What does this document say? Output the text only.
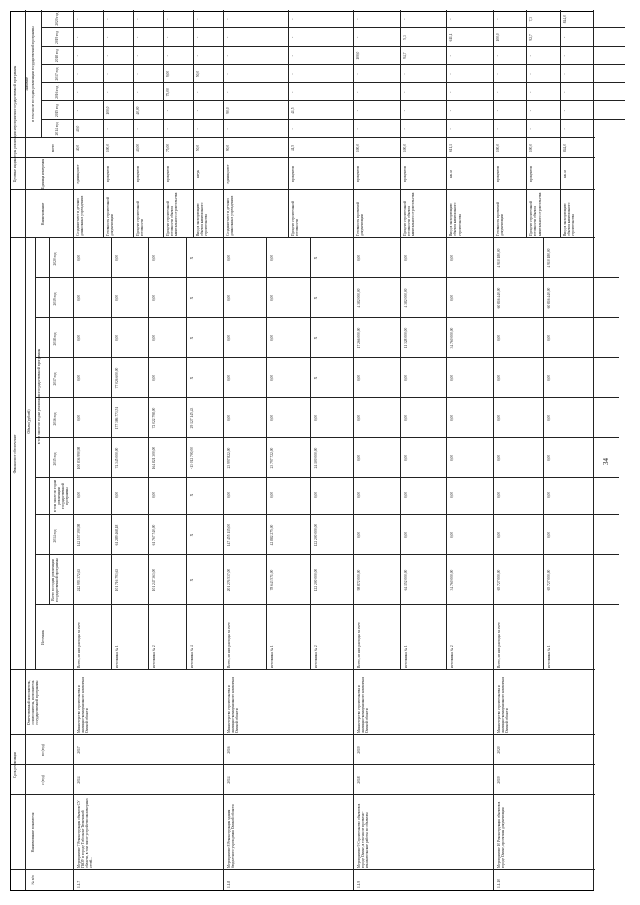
34
№ п/п
Наименование показателя
Срок реализации
с (год)
по (год)
Ответственный исполнитель, соисполнитель, исполнитель государственной программы
Финансовое обеспечение
Источник
Объем (рублей)
Всего по годам реализации государственной программы
в том числе по годам реализации государственной программы
2014 год
в том числе по годам реализации государственной программы
2015 год
2016 год
2017 год
2018 год
2019 год
2020 год
Целевые индикаторы реализации мероприятия государственной программы
Наименование
Единица измерения
Значение
всего
в том числе по годам реализации государственной программы
2014 год
2015 год
2016 год
2017 год
2018 год
2019 год
2020 год
1.1.7
Мероприятие 7 Реконструкция объектов СУ ГКОУ в городе Тобольске Тюменской области, в том числе устройство инженерных сетей...
2014
2017
Министерство строительства и жилищно-коммунального комплекса Омской области
Всего, из них расходы за счет:
242 993 372,63
142 157 390,98
0,00
100 836 990,98
0,00
0,00
0,00
0,00
0,00
источника № 1
101 716 793,63
61 289 468,18
0,00
74 345 000,00
177 386 773,51
77 026 600,00
0,00
0,00
0,00
источника № 2
101 247 363,00
61 767 740,00
0,00
164 821 300,00
72 022 798,00
0,00
0,00
0,00
0,00
источника № 4
X
X
X
-13 012 700,00
29 127 145,43
X
X
X
X
Создание мест в детских дошкольных учреждениях
единиц мест
40,0
40,0
-
-
-
-
-
-
Готовность строительной документации
процентов
100,0
-
100,0
-
-
-
-
-
Процент строительной готовности
процентов
40,00
-
40,00
-
-
-
-
-
Процент строительной готовности объекта капитального строительства
процентов
75,00
-
-
75,00
9,00
-
-
-
Ввод в эксплуатацию объекта капитального строительства
штук
50,0
-
-
-
50,0
-
-
-
1.1.8
Мероприятие 8 Реконструкция здания бюджетного учреждения Омской области
2014
2016
Министерство строительства и жилищно-коммунального комплекса Омской области
Всего, из них расходы за счет:
201 276 537,00
147 455 115,00
0,00
23 997 822,00
0,00
0,00
0,00
0,00
0,00
источника № 1
78 643 571,00
42 882 275,00
0,00
23 797 722,00
0,00
0,00
0,00
0,00
0,00
источника № 2
122 200 000,00
122 200 000,00
0,00
24 100 000,00
0,00
X
X
X
X
Создание мест в детских дошкольных учреждениях
единиц мест
90,0
-
90,0
-
-
-
-
-
Процент строительной готовности
процентов
41,5
-
41,5
-
-
-
-
-
1.1.9
Мероприятие 9 Строительство объектов в городе Омске, в том числе проектно-изыскательские работы по объектам
2018
2019
Министерство строительства и жилищно-коммунального комплекса Омской области
Всего, из них расходы за счет:
98 872 000,00
0,00
0,00
0,00
0,00
0,00
17 266 000,00
4 382 000,00
0,00
источника № 1
64 152 000,00
0,00
0,00
0,00
0,00
0,00
11 328 000,00
4 382 000,00
0,00
источника № 2
34 760 000,00
0,00
0,00
0,00
0,00
0,00
34 760 000,00
0,00
0,00
Готовность проектной документации
процентов
100,0
-
-
-
-
100,0
-
-
Процент строительной готовности объекта капитального строительства
процентов
100,0
-
-
-
-
94,7
5,3
-
Ввод в эксплуатацию объекта капитального строительства
кв. м
611,1
-
-
-
-
-
611,1
-
1.1.10
Мероприятие 10 Реконструкция объектов в городе Омске, проектная документация
2019
2020
Министерство строительства и жилищно-коммунального комплекса Омской области
Всего, из них расходы за счет:
65 727 000,00
0,00
0,00
0,00
0,00
0,00
0,00
60 816 440,00
4 910 180,00
источника № 1
65 727 000,00
0,00
0,00
0,00
0,00
0,00
0,00
60 816 440,00
4 910 180,00
Готовность проектной документации
процентов
100,0
-
-
-
-
-
100,0
-
Процент строительной готовности объекта капитального строительства
процентов
100,0
-
-
-
-
-
92,7
7,3
Ввод в эксплуатацию объекта капитального строительства
кв. м
844,0
-
-
-
-
-
-
844,0
